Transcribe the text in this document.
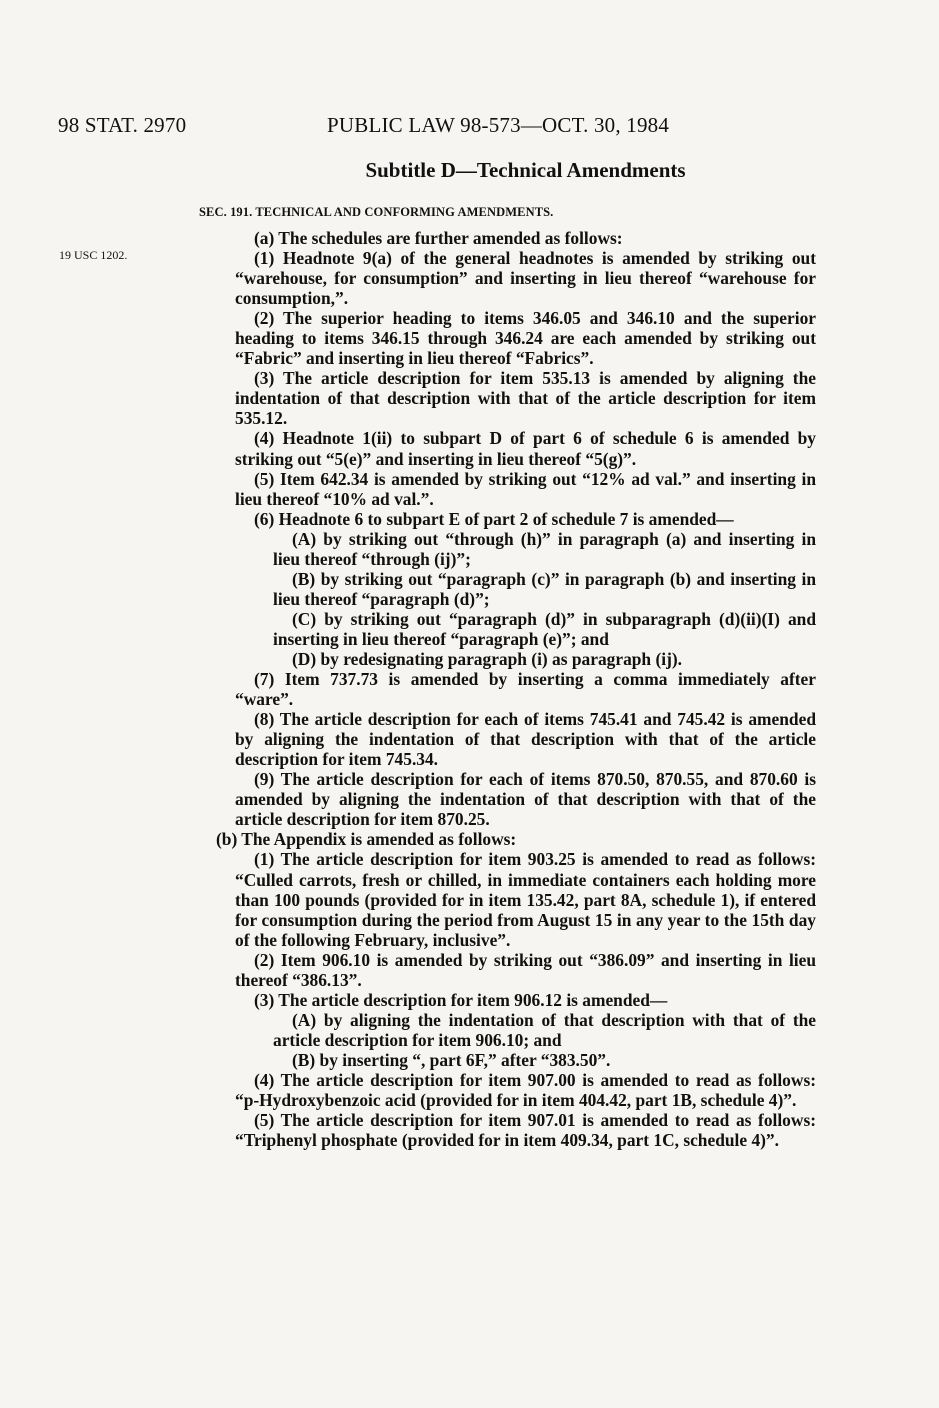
98 STAT. 2970	PUBLIC LAW 98-573—OCT. 30, 1984
Subtitle D—Technical Amendments
SEC. 191. TECHNICAL AND CONFORMING AMENDMENTS.
19 USC 1202.

(a) The schedules are further amended as follows:

(1) Headnote 9(a) of the general headnotes is amended by striking out “warehouse, for consumption” and inserting in lieu thereof “warehouse for consumption,”.

(2) The superior heading to items 346.05 and 346.10 and the superior heading to items 346.15 through 346.24 are each amended by striking out “Fabric” and inserting in lieu thereof “Fabrics”.

(3) The article description for item 535.13 is amended by aligning the indentation of that description with that of the article description for item 535.12.

(4) Headnote 1(ii) to subpart D of part 6 of schedule 6 is amended by striking out “5(e)” and inserting in lieu thereof “5(g)”.

(5) Item 642.34 is amended by striking out “12% ad val.” and inserting in lieu thereof “10% ad val.”.

(6) Headnote 6 to subpart E of part 2 of schedule 7 is amended—

(A) by striking out “through (h)” in paragraph (a) and inserting in lieu thereof “through (ij)”;

(B) by striking out “paragraph (c)” in paragraph (b) and inserting in lieu thereof “paragraph (d)”;

(C) by striking out “paragraph (d)” in subparagraph (d)(ii)(I) and inserting in lieu thereof “paragraph (e)”; and

(D) by redesignating paragraph (i) as paragraph (ij).

(7) Item 737.73 is amended by inserting a comma immediately after “ware”.

(8) The article description for each of items 745.41 and 745.42 is amended by aligning the indentation of that description with that of the article description for item 745.34.

(9) The article description for each of items 870.50, 870.55, and 870.60 is amended by aligning the indentation of that description with that of the article description for item 870.25.

(b) The Appendix is amended as follows:

(1) The article description for item 903.25 is amended to read as follows: “Culled carrots, fresh or chilled, in immediate containers each holding more than 100 pounds (provided for in item 135.42, part 8A, schedule 1), if entered for consumption during the period from August 15 in any year to the 15th day of the following February, inclusive”.

(2) Item 906.10 is amended by striking out “386.09” and inserting in lieu thereof “386.13”.

(3) The article description for item 906.12 is amended—

(A) by aligning the indentation of that description with that of the article description for item 906.10; and

(B) by inserting “, part 6F,” after “383.50”.

(4) The article description for item 907.00 is amended to read as follows: “p-Hydroxybenzoic acid (provided for in item 404.42, part 1B, schedule 4)”.

(5) The article description for item 907.01 is amended to read as follows: “Triphenyl phosphate (provided for in item 409.34, part 1C, schedule 4)”.
